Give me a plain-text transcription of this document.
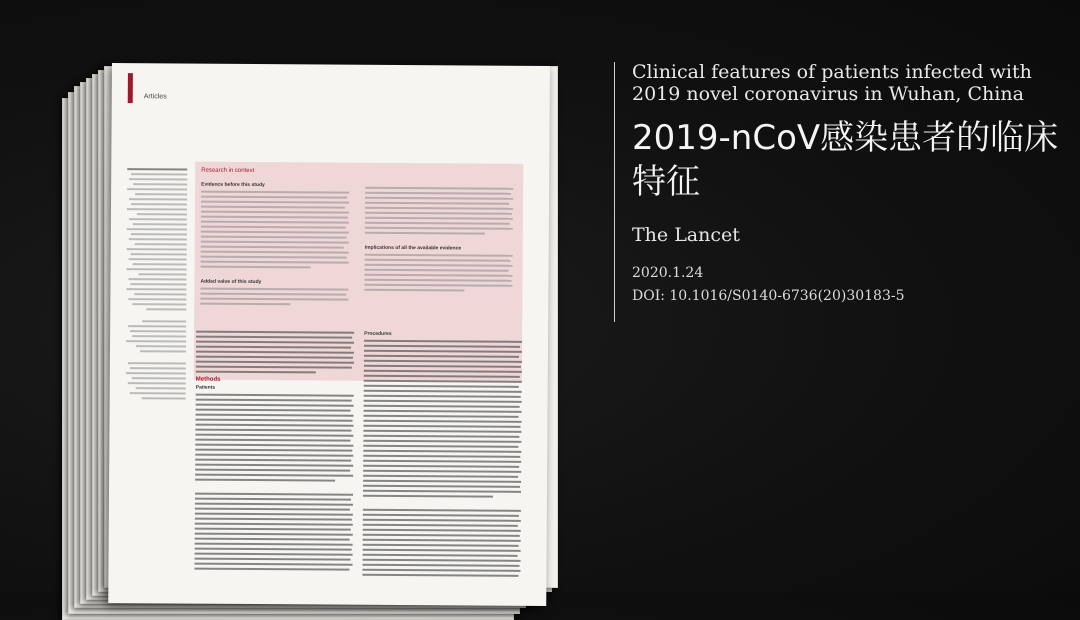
Articles
Research in context
Evidence before this study
Added value of this study
Implications of all the available evidence
Methods
Patients
Procedures
Clinical features of patients infected with 2019 novel coronavirus in Wuhan, China
2019-nCoV感染患者的临床特征
The Lancet
2020.1.24
DOI: 10.1016/S0140-6736(20)30183-5
